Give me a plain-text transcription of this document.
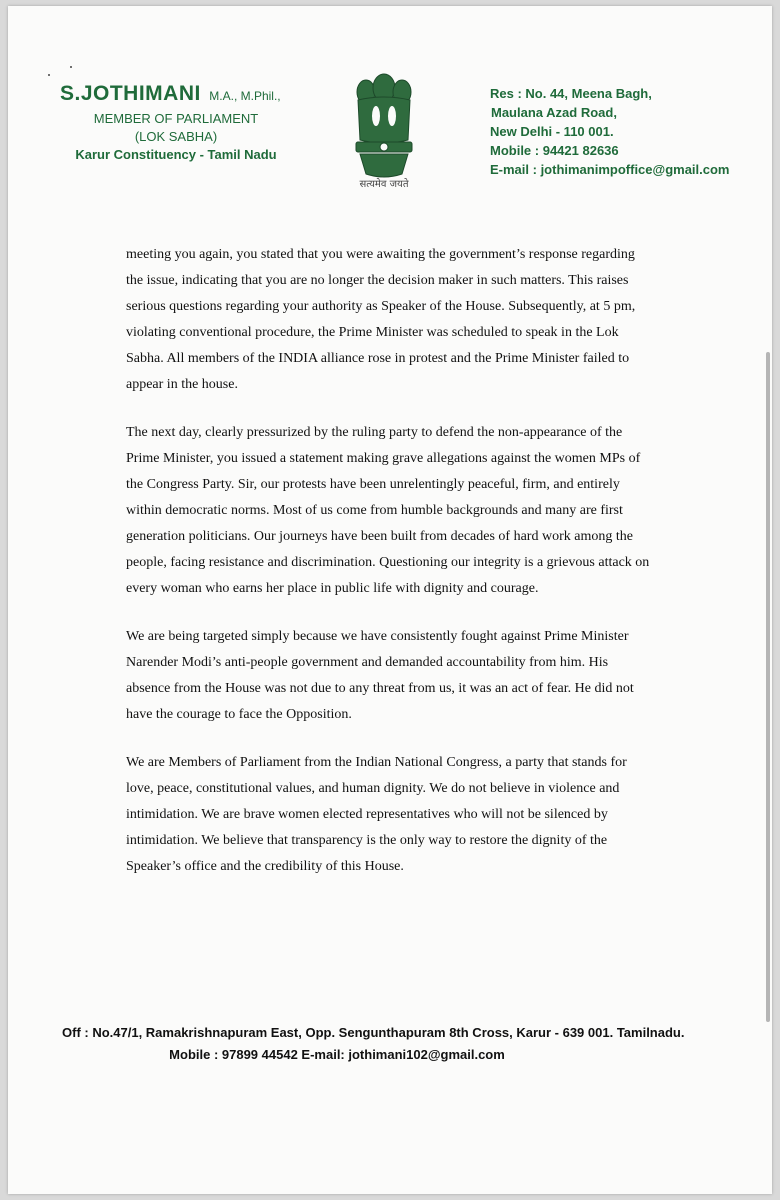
S.JOTHIMANI M.A., M.Phil.,
MEMBER OF PARLIAMENT
(LOK SABHA)
Karur Constituency - Tamil Nadu
सत्यमेव जयते
Res : No. 44, Meena Bagh,
Maulana Azad Road,
New Delhi - 110 001.
Mobile : 94421 82636
E-mail : jothimanimpoffice@gmail.com

meeting you again, you stated that you were awaiting the government’s response regarding the issue, indicating that you are no longer the decision maker in such matters. This raises serious questions regarding your authority as Speaker of the House. Subsequently, at 5 pm, violating conventional procedure, the Prime Minister was scheduled to speak in the Lok Sabha. All members of the INDIA alliance rose in protest and the Prime Minister failed to appear in the house.

The next day, clearly pressurized by the ruling party to defend the non-appearance of the Prime Minister, you issued a statement making grave allegations against the women MPs of the Congress Party. Sir, our protests have been unrelentingly peaceful, firm, and entirely within democratic norms. Most of us come from humble backgrounds and many are first generation politicians. Our journeys have been built from decades of hard work among the people, facing resistance and discrimination. Questioning our integrity is a grievous attack on every woman who earns her place in public life with dignity and courage.

We are being targeted simply because we have consistently fought against Prime Minister Narender Modi’s anti-people government and demanded accountability from him. His absence from the House was not due to any threat from us, it was an act of fear. He did not have the courage to face the Opposition.

We are Members of Parliament from the Indian National Congress, a party that stands for love, peace, constitutional values, and human dignity. We do not believe in violence and intimidation. We are brave women elected representatives who will not be silenced by intimidation. We believe that transparency is the only way to restore the dignity of the Speaker’s office and the credibility of this House.

Off : No.47/1, Ramakrishnapuram East, Opp. Sengunthapuram 8th Cross, Karur - 639 001. Tamilnadu.
Mobile : 97899 44542 E-mail: jothimani102@gmail.com
